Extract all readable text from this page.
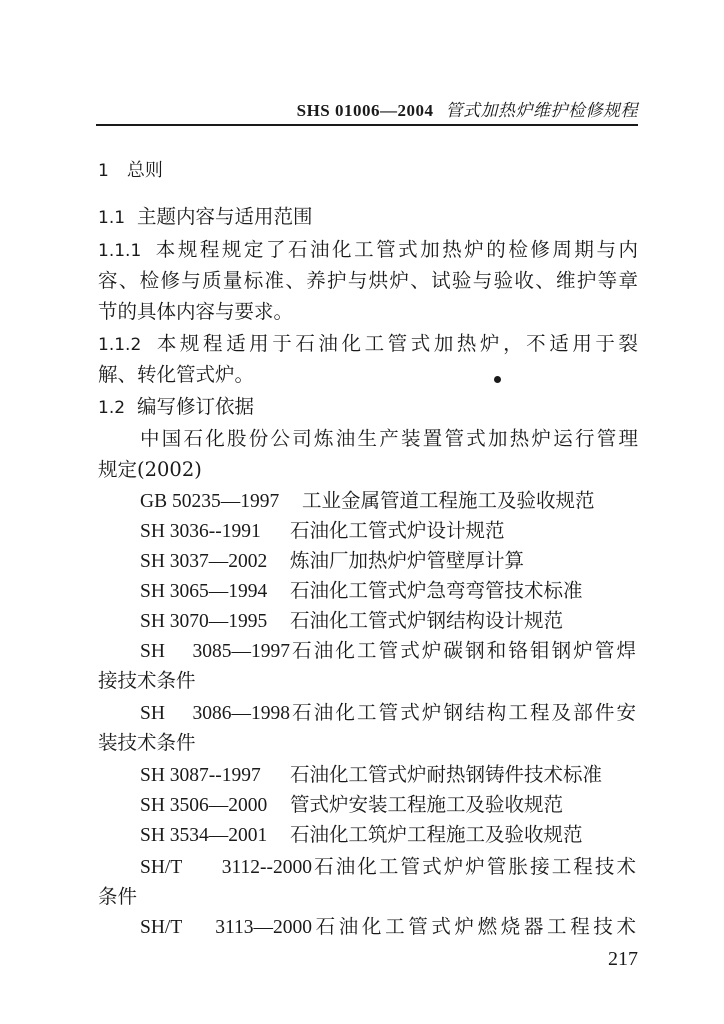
SHS 01006—2004 管式加热炉维护检修规程
1 总则
1.1 主题内容与适用范围
1.1.1 本规程规定了石油化工管式加热炉的检修周期与内
容、检修与质量标准、养护与烘炉、试验与验收、维护等章
节的具体内容与要求。
1.1.2 本规程适用于石油化工管式加热炉，不适用于裂
解、转化管式炉。
1.2 编写修订依据
中国石化股份公司炼油生产装置管式加热炉运行管理
规定(2002)
GB 50235—1997 工业金属管道工程施工及验收规范
SH 3036--1991 石油化工管式炉设计规范
SH 3037—2002 炼油厂加热炉炉管壁厚计算
SH 3065—1994 石油化工管式炉急弯弯管技术标准
SH 3070—1995 石油化工管式炉钢结构设计规范
SH 3085—1997石油化工管式炉碳钢和铬钼钢炉管焊
接技术条件
SH 3086—1998石油化工管式炉钢结构工程及部件安
装技术条件
SH 3087--1997 石油化工管式炉耐热钢铸件技术标准
SH 3506—2000 管式炉安装工程施工及验收规范
SH 3534—2001 石油化工筑炉工程施工及验收规范
SH/T 3112--2000石油化工管式炉炉管胀接工程技术
条件
SH/T 3113—2000石油化工管式炉燃烧器工程技术
217
